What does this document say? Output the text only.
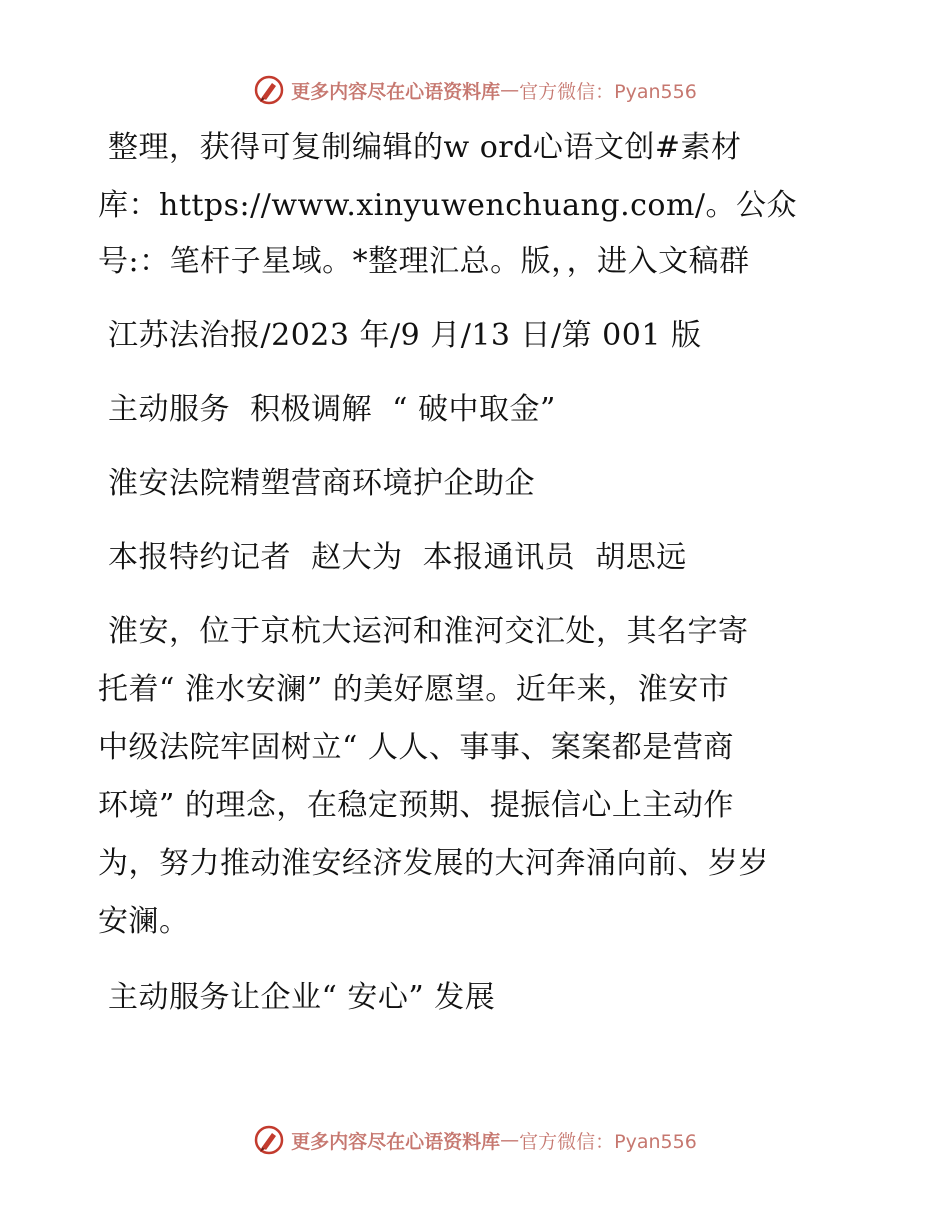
更多内容尽在心语资料库 — 官方微信：Pyan556
整理，获得可复制编辑的w ord心语文创#素材
库：https://www.xinyuwenchuang.com/。公众
号:：笔杆子星域。*整理汇总。版，，进入文稿群
江苏法治报/2023 年/9 月/13 日/第 001 版
主动服务  积极调解  “ 破中取金”
淮安法院精塑营商环境护企助企
本报特约记者  赵大为  本报通讯员  胡思远
淮安，位于京杭大运河和淮河交汇处，其名字寄
托着“ 淮水安澜” 的美好愿望。近年来，淮安市
中级法院牢固树立“ 人人、事事、案案都是营商
环境” 的理念，在稳定预期、提振信心上主动作
为，努力推动淮安经济发展的大河奔涌向前、岁岁
安澜。
主动服务让企业“ 安心” 发展
更多内容尽在心语资料库 — 官方微信：Pyan556
